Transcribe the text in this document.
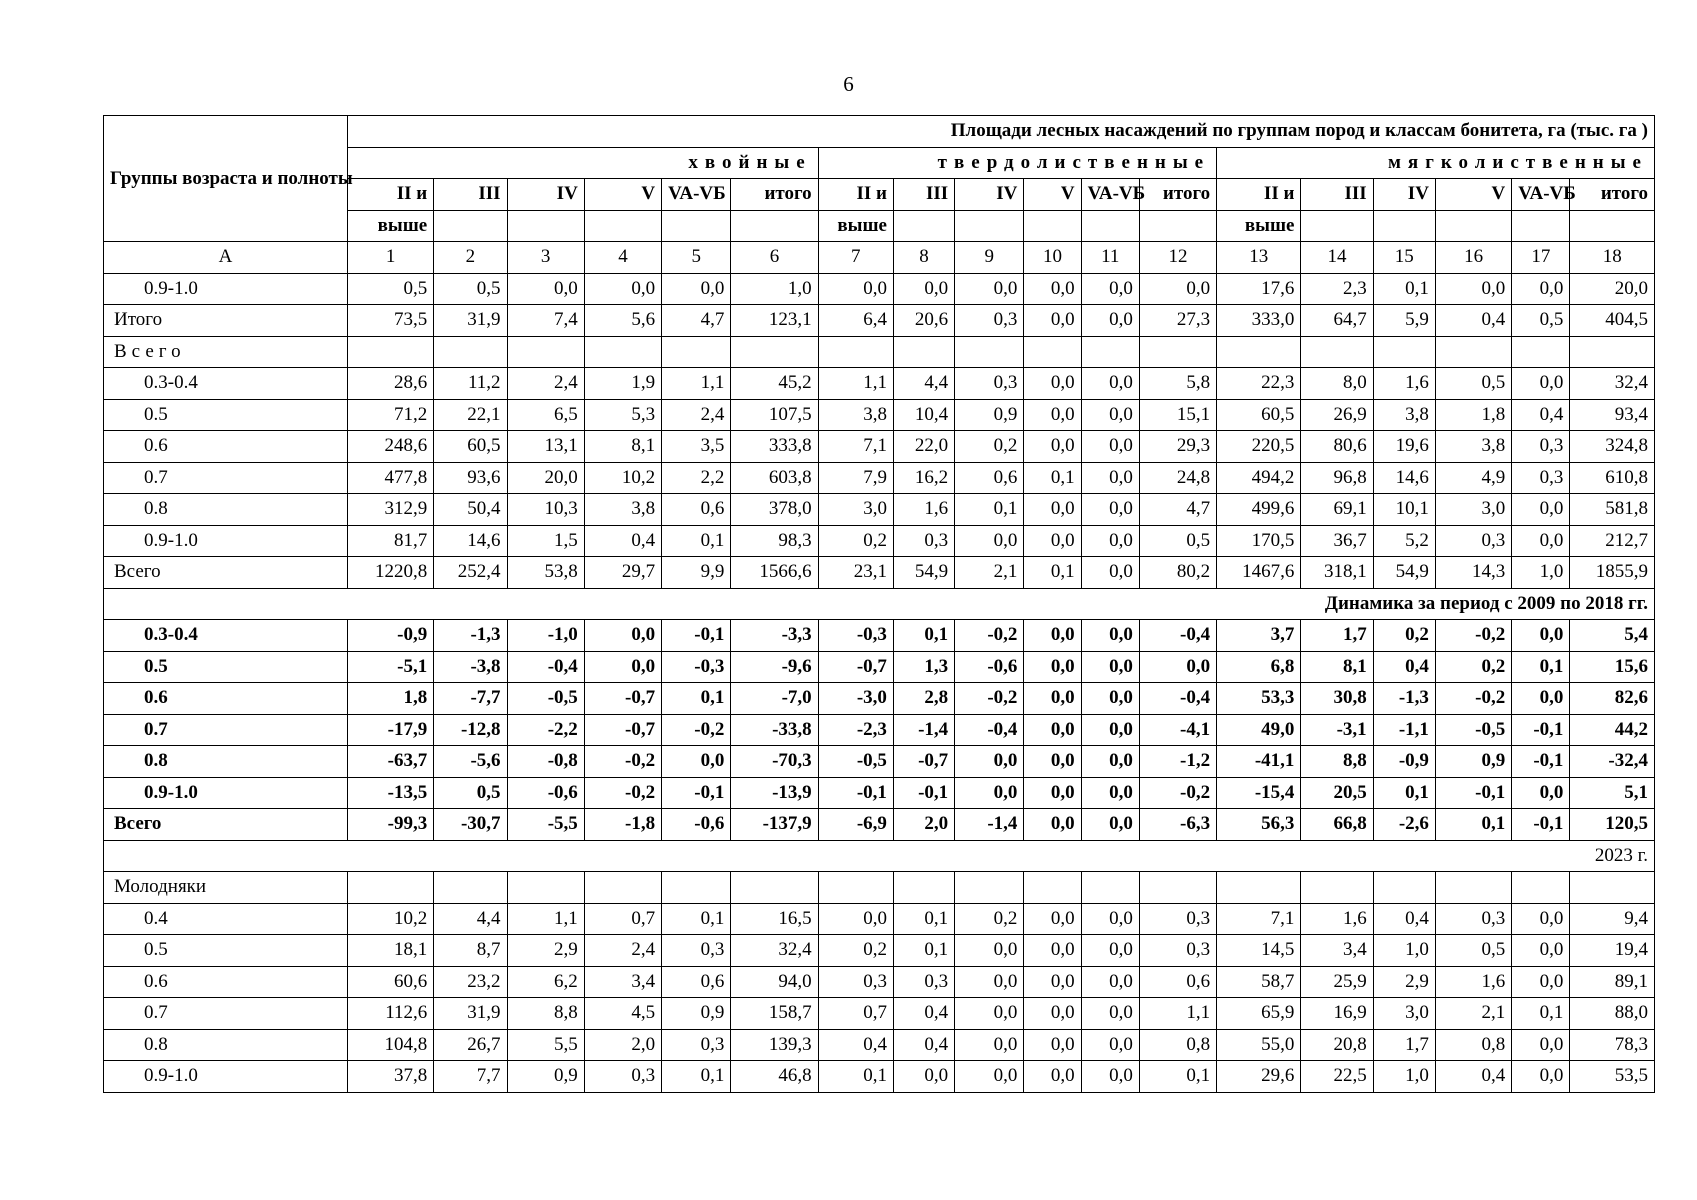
6
Группы возраста и полноты	Площади лесных насаждений по группам пород и классам бонитета, га (тыс. га )																	
	хвойные						твердолиственные						мягколиственные					
	II и	III	IV	V	VA-VБ	итого	II и	III	IV	V	VA-VБ	итого	II и	III	IV	V	VA-VБ	итого
	выше						выше						выше					
А	1	2	3	4	5	6	7	8	9	10	11	12	13	14	15	16	17	18
0.9-1.0	0,5	0,5	0,0	0,0	0,0	1,0	0,0	0,0	0,0	0,0	0,0	0,0	17,6	2,3	0,1	0,0	0,0	20,0
Итого	73,5	31,9	7,4	5,6	4,7	123,1	6,4	20,6	0,3	0,0	0,0	27,3	333,0	64,7	5,9	0,4	0,5	404,5
Всего																		
0.3-0.4	28,6	11,2	2,4	1,9	1,1	45,2	1,1	4,4	0,3	0,0	0,0	5,8	22,3	8,0	1,6	0,5	0,0	32,4
0.5	71,2	22,1	6,5	5,3	2,4	107,5	3,8	10,4	0,9	0,0	0,0	15,1	60,5	26,9	3,8	1,8	0,4	93,4
0.6	248,6	60,5	13,1	8,1	3,5	333,8	7,1	22,0	0,2	0,0	0,0	29,3	220,5	80,6	19,6	3,8	0,3	324,8
0.7	477,8	93,6	20,0	10,2	2,2	603,8	7,9	16,2	0,6	0,1	0,0	24,8	494,2	96,8	14,6	4,9	0,3	610,8
0.8	312,9	50,4	10,3	3,8	0,6	378,0	3,0	1,6	0,1	0,0	0,0	4,7	499,6	69,1	10,1	3,0	0,0	581,8
0.9-1.0	81,7	14,6	1,5	0,4	0,1	98,3	0,2	0,3	0,0	0,0	0,0	0,5	170,5	36,7	5,2	0,3	0,0	212,7
Всего	1220,8	252,4	53,8	29,7	9,9	1566,6	23,1	54,9	2,1	0,1	0,0	80,2	1467,6	318,1	54,9	14,3	1,0	1855,9
Динамика за период с 2009 по 2018 гг.																		
0.3-0.4	-0,9	-1,3	-1,0	0,0	-0,1	-3,3	-0,3	0,1	-0,2	0,0	0,0	-0,4	3,7	1,7	0,2	-0,2	0,0	5,4
0.5	-5,1	-3,8	-0,4	0,0	-0,3	-9,6	-0,7	1,3	-0,6	0,0	0,0	0,0	6,8	8,1	0,4	0,2	0,1	15,6
0.6	1,8	-7,7	-0,5	-0,7	0,1	-7,0	-3,0	2,8	-0,2	0,0	0,0	-0,4	53,3	30,8	-1,3	-0,2	0,0	82,6
0.7	-17,9	-12,8	-2,2	-0,7	-0,2	-33,8	-2,3	-1,4	-0,4	0,0	0,0	-4,1	49,0	-3,1	-1,1	-0,5	-0,1	44,2
0.8	-63,7	-5,6	-0,8	-0,2	0,0	-70,3	-0,5	-0,7	0,0	0,0	0,0	-1,2	-41,1	8,8	-0,9	0,9	-0,1	-32,4
0.9-1.0	-13,5	0,5	-0,6	-0,2	-0,1	-13,9	-0,1	-0,1	0,0	0,0	0,0	-0,2	-15,4	20,5	0,1	-0,1	0,0	5,1
Всего	-99,3	-30,7	-5,5	-1,8	-0,6	-137,9	-6,9	2,0	-1,4	0,0	0,0	-6,3	56,3	66,8	-2,6	0,1	-0,1	120,5
2023 г.																		
Молодняки																		
0.4	10,2	4,4	1,1	0,7	0,1	16,5	0,0	0,1	0,2	0,0	0,0	0,3	7,1	1,6	0,4	0,3	0,0	9,4
0.5	18,1	8,7	2,9	2,4	0,3	32,4	0,2	0,1	0,0	0,0	0,0	0,3	14,5	3,4	1,0	0,5	0,0	19,4
0.6	60,6	23,2	6,2	3,4	0,6	94,0	0,3	0,3	0,0	0,0	0,0	0,6	58,7	25,9	2,9	1,6	0,0	89,1
0.7	112,6	31,9	8,8	4,5	0,9	158,7	0,7	0,4	0,0	0,0	0,0	1,1	65,9	16,9	3,0	2,1	0,1	88,0
0.8	104,8	26,7	5,5	2,0	0,3	139,3	0,4	0,4	0,0	0,0	0,0	0,8	55,0	20,8	1,7	0,8	0,0	78,3
0.9-1.0	37,8	7,7	0,9	0,3	0,1	46,8	0,1	0,0	0,0	0,0	0,0	0,1	29,6	22,5	1,0	0,4	0,0	53,5
